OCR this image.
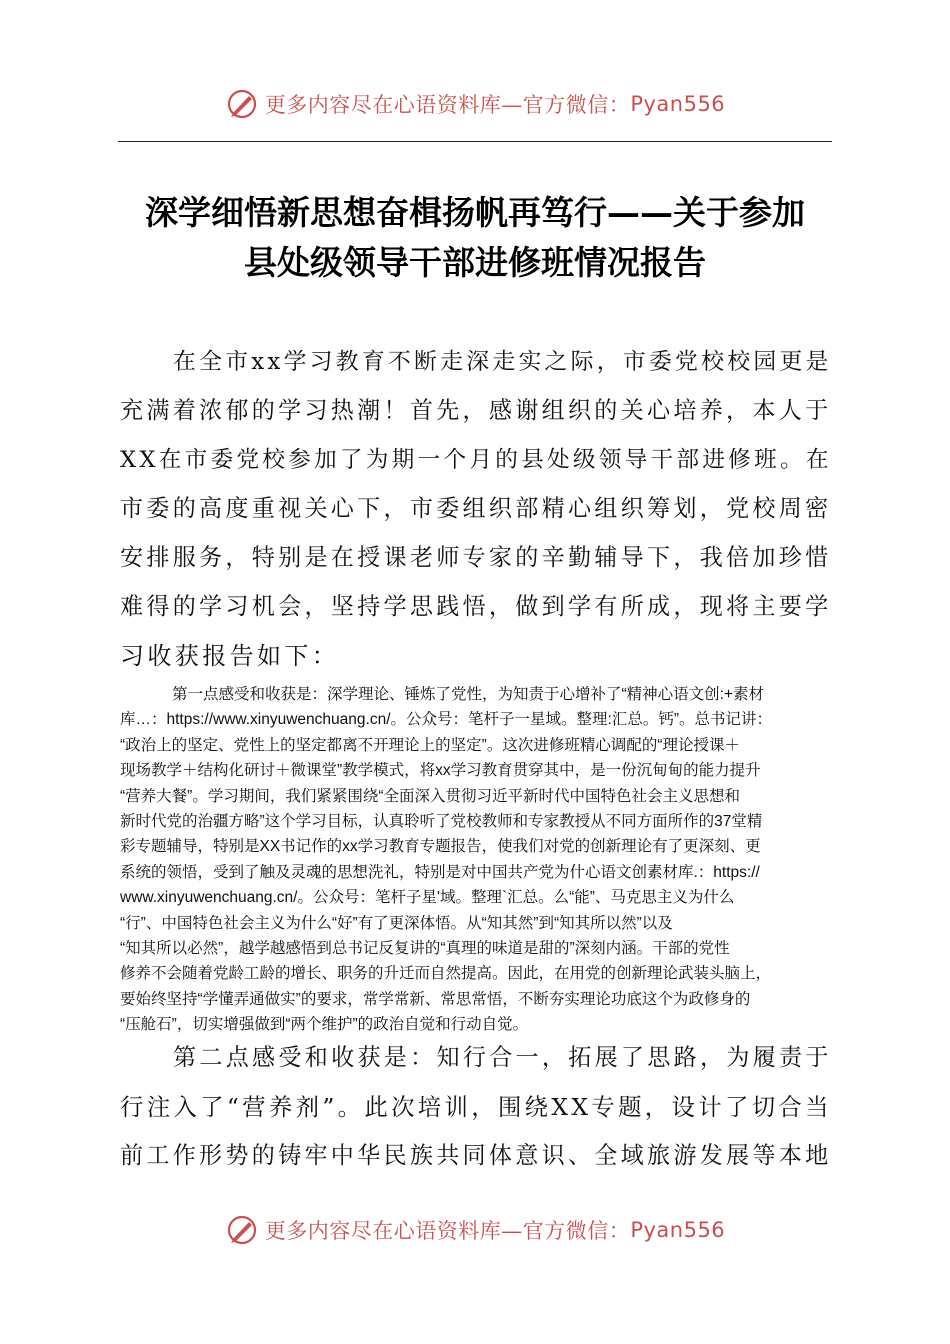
更多内容尽在心语资料库—官方微信： Pyan556
深学细悟新思想奋楫扬帆再笃行——关于参加
县处级领导干部进修班情况报告
在全市xx学习教育不断走深走实之际，市委党校校园更是
充满着浓郁的学习热潮！首先，感谢组织的关心培养，本人于
XX在市委党校参加了为期一个月的县处级领导干部进修班。在
市委的高度重视关心下，市委组织部精心组织筹划，党校周密
安排服务，特别是在授课老师专家的辛勤辅导下，我倍加珍惜
难得的学习机会，坚持学思践悟，做到学有所成，现将主要学
习收获报告如下：
第一点感受和收获是：深学理论、锤炼了党性，为知责于心增补了“精神心语文创:+素材
库…：https://www.xinyuwenchuang.cn/。公众号：笔杆子一星域。整理:汇总。钙”。总书记讲：
“政治上的坚定、党性上的坚定都离不开理论上的坚定”。这次进修班精心调配的“理论授课＋
现场教学＋结构化研讨＋微课堂”教学模式，将xx学习教育贯穿其中，是一份沉甸甸的能力提升
“营养大餐”。学习期间，我们紧紧围绕“全面深入贯彻习近平新时代中国特色社会主义思想和
新时代党的治疆方略”这个学习目标，认真聆听了党校教师和专家教授从不同方面所作的37堂精
彩专题辅导，特别是XX书记作的xx学习教育专题报告，使我们对党的创新理论有了更深刻、更
系统的领悟，受到了触及灵魂的思想洗礼，特别是对中国共产党为什心语文创素材库.：https://
www.xinyuwenchuang.cn/。公众号：笔杆子星'域。整理`汇总。么“能”、马克思主义为什么
“行”、中国特色社会主义为什么“好”有了更深体悟。从“知其然”到“知其所以然”以及
“知其所以必然”，越学越感悟到总书记反复讲的“真理的味道是甜的”深刻内涵。干部的党性
修养不会随着党龄工龄的增长、职务的升迁而自然提高。因此，在用党的创新理论武装头脑上，
要始终坚持“学懂弄通做实”的要求，常学常新、常思常悟，不断夯实理论功底这个为政修身的
“压舱石”，切实增强做到“两个维护”的政治自觉和行动自觉。
第二点感受和收获是：知行合一，拓展了思路，为履责于
行注入了“营养剂”。此次培训，围绕XX专题，设计了切合当
前工作形势的铸牢中华民族共同体意识、全域旅游发展等本地
更多内容尽在心语资料库—官方微信： Pyan556
